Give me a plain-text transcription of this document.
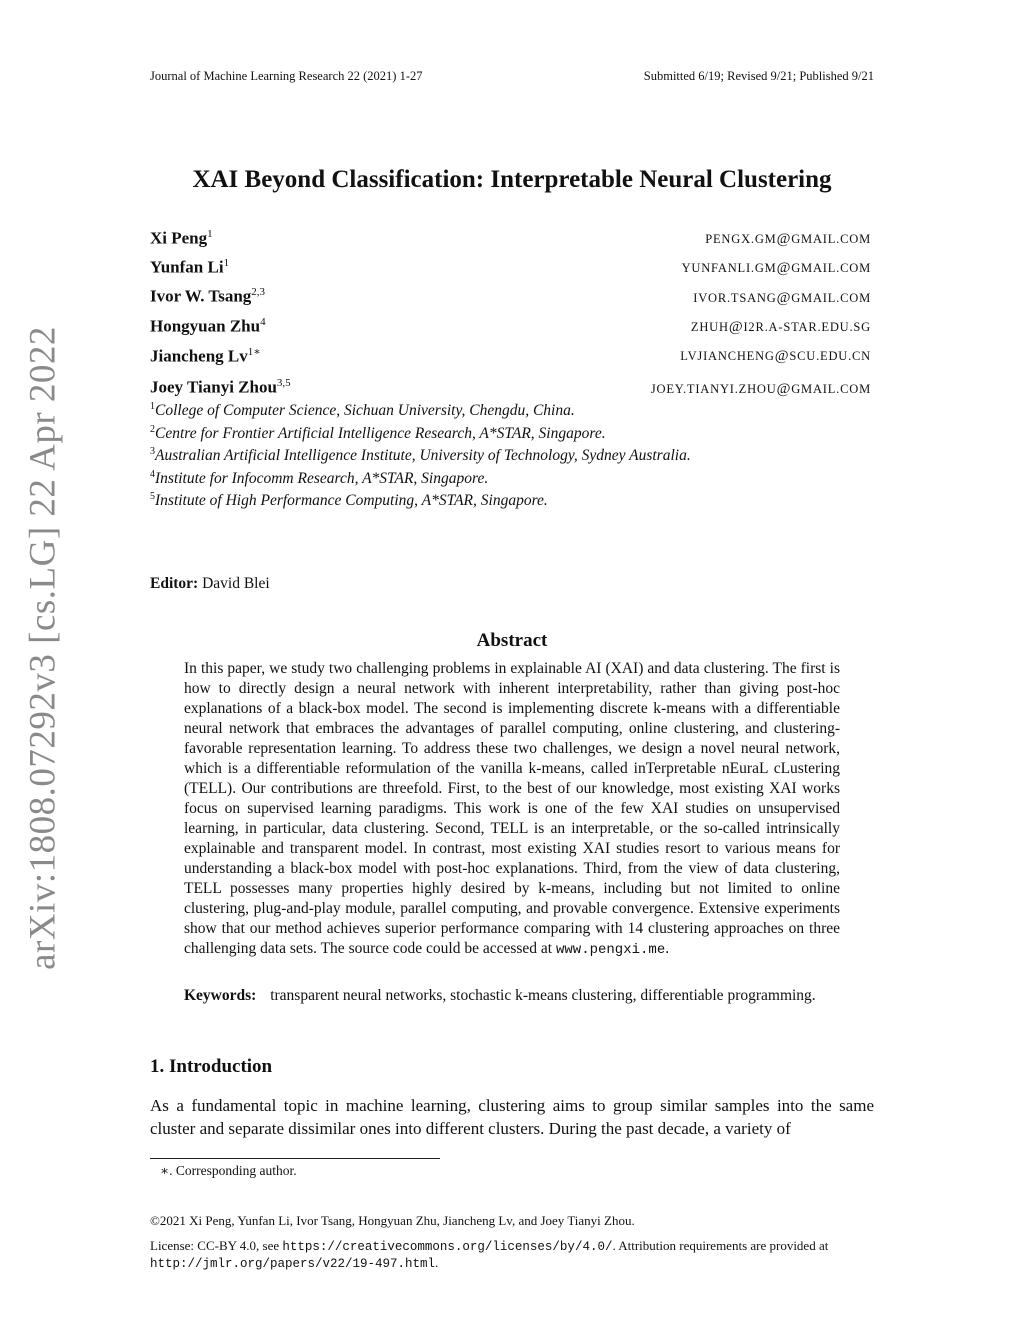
Journal of Machine Learning Research 22 (2021) 1-27	Submitted 6/19; Revised 9/21; Published 9/21
XAI Beyond Classification: Interpretable Neural Clustering
Xi Peng$^1$	PENGX.GM@GMAIL.COM
Yunfan Li$^1$	YUNFANLI.GM@GMAIL.COM
Ivor W. Tsang$^{2,3}$	IVOR.TSANG@GMAIL.COM
Hongyuan Zhu$^4$	ZHUH@I2R.A-STAR.EDU.SG
Jiancheng $Lv^{1∗}$	LVJIANCHENG@SCU.EDU.CN
Joey Tianyi Zhou$^{3,5}$	JOEY.TIANYI.ZHOU@GMAIL.COM
$^1$College of Computer Science, Sichuan University, Chengdu, China.
$^2$Centre for Frontier Artificial Intelligence Research, A*STAR, Singapore.
$^3$Australian Artificial Intelligence Institute, University of Technology, Sydney Australia.
$^4$Institute for Infocomm Research, A*STAR, Singapore.
$^5$Institute of High Performance Computing, A*STAR, Singapore.
Editor: David Blei
Abstract
In this paper, we study two challenging problems in explainable AI (XAI) and data clustering. The first is how to directly design a neural network with inherent interpretability, rather than giving post-hoc explanations of a black-box model. The second is implementing discrete k-means with a differentiable neural network that embraces the advantages of parallel computing, online clustering, and clustering-favorable representation learning. To address these two challenges, we design a novel neural network, which is a differentiable reformulation of the vanilla k-means, called inTerpretable nEuraL cLustering (TELL). Our contributions are threefold. First, to the best of our knowledge, most existing XAI works focus on supervised learning paradigms. This work is one of the few XAI studies on unsupervised learning, in particular, data clustering. Second, TELL is an interpretable, or the so-called intrinsically explainable and transparent model. In contrast, most existing XAI studies resort to various means for understanding a black-box model with post-hoc explanations. Third, from the view of data clustering, TELL possesses many properties highly desired by k-means, including but not limited to online clustering, plug-and-play module, parallel computing, and provable convergence. Extensive experiments show that our method achieves superior performance comparing with 14 clustering approaches on three challenging data sets. The source code could be accessed at www.pengxi.me.
Keywords: transparent neural networks, stochastic k-means clustering, differentiable programming.
1. Introduction
As a fundamental topic in machine learning, clustering aims to group similar samples into the same cluster and separate dissimilar ones into different clusters. During the past decade, a variety of
∗. Corresponding author.
©2021 Xi Peng, Yunfan Li, Ivor Tsang, Hongyuan Zhu, Jiancheng Lv, and Joey Tianyi Zhou.
License: CC-BY 4.0, see https://creativecommons.org/licenses/by/4.0/. Attribution requirements are provided at http://jmlr.org/papers/v22/19-497.html.
arXiv:1808.07292v3 [cs.LG] 22 Apr 2022
